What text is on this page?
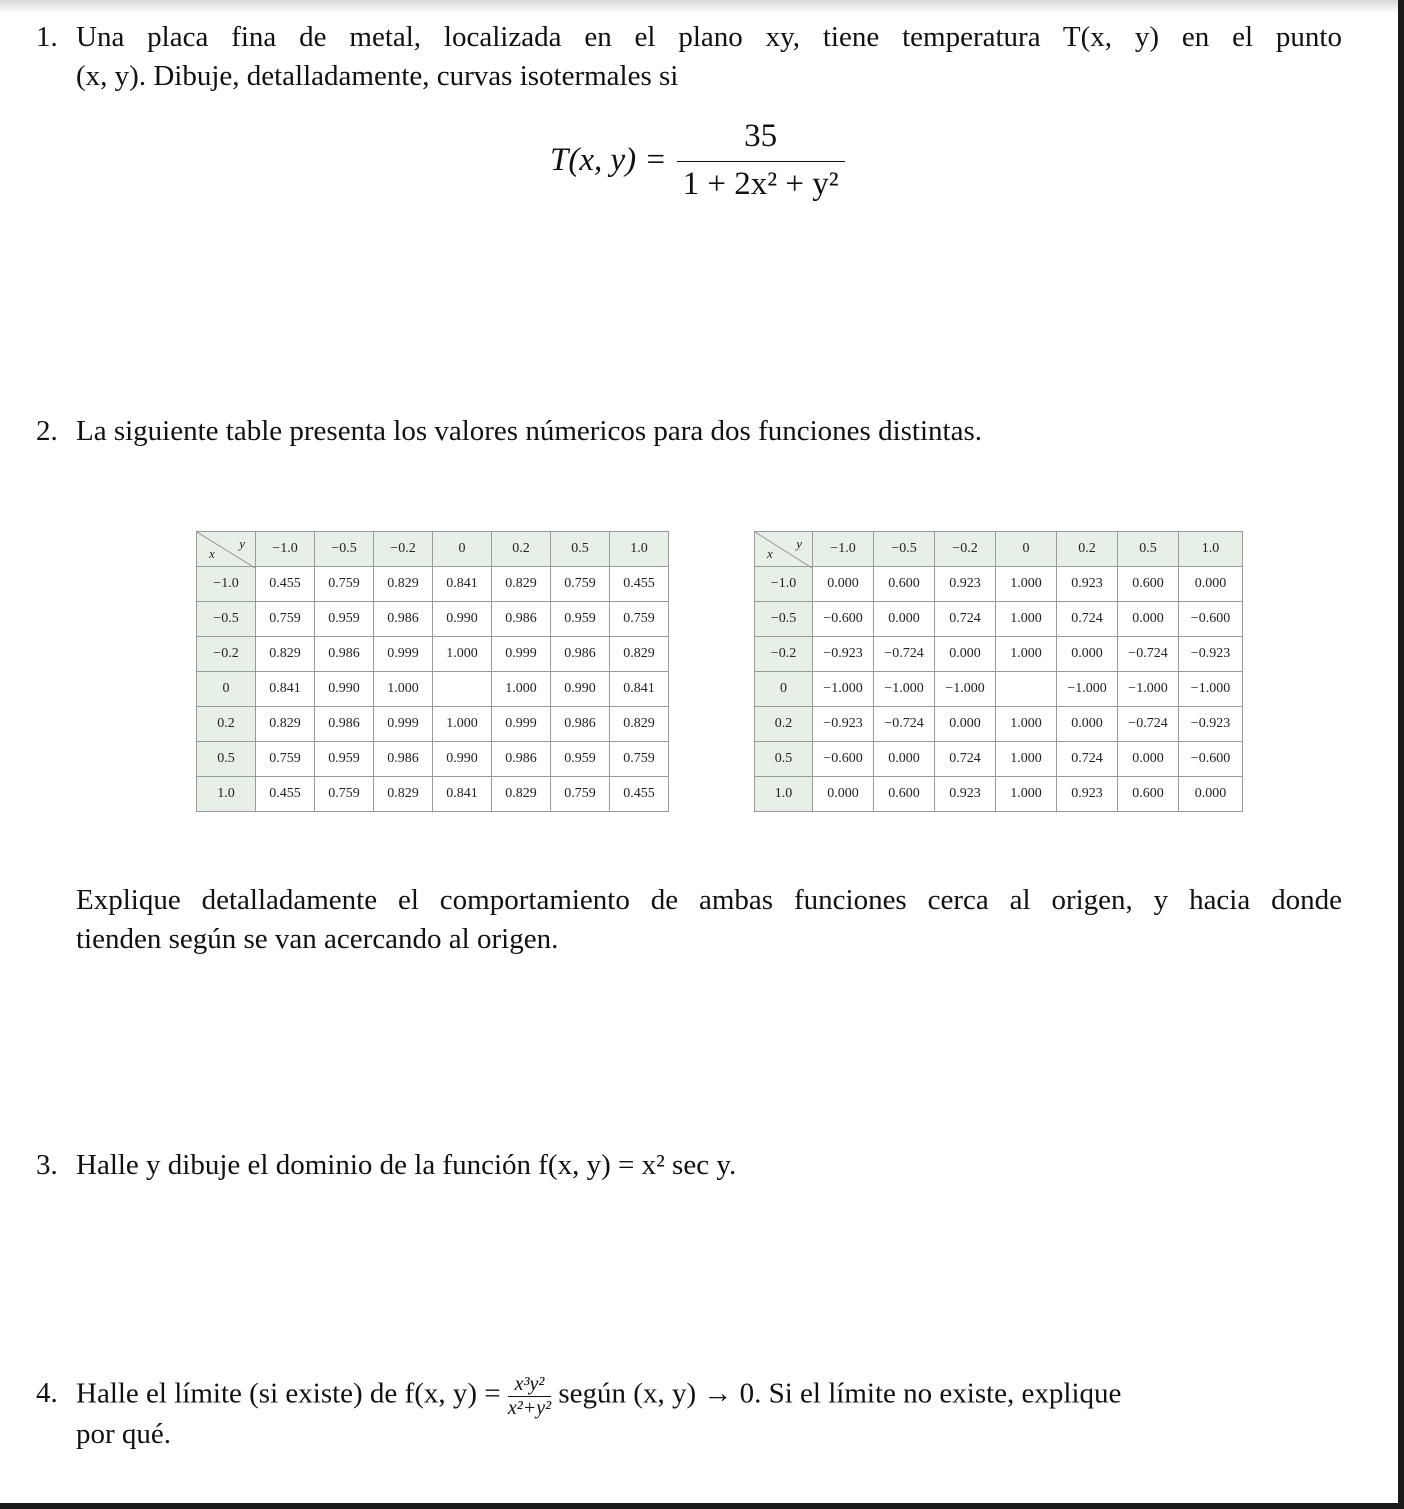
1. Una placa fina de metal, localizada en el plano xy, tiene temperatura T(x, y) en el punto
(x, y). Dibuje, detalladamente, curvas isotermales si
T(x, $y) = \frac{35}{\text{1 + 2x² + y²}}$
2. La siguiente table presenta los valores númericos para dos funciones distintas.
y
x	−1.0	−0.5	−0.2	0	0.2	0.5	1.0
−1.0	0.455	0.759	0.829	0.841	0.829	0.759	0.455
−0.5	0.759	0.959	0.986	0.990	0.986	0.959	0.759
−0.2	0.829	0.986	0.999	1.000	0.999	0.986	0.829
0	0.841	0.990	1.000		1.000	0.990	0.841
0.2	0.829	0.986	0.999	1.000	0.999	0.986	0.829
0.5	0.759	0.959	0.986	0.990	0.986	0.959	0.759
1.0	0.455	0.759	0.829	0.841	0.829	0.759	0.455
y
x	−1.0	−0.5	−0.2	0	0.2	0.5	1.0
−1.0	0.000	0.600	0.923	1.000	0.923	0.600	0.000
−0.5	−0.600	0.000	0.724	1.000	0.724	0.000	−0.600
−0.2	−0.923	−0.724	0.000	1.000	0.000	−0.724	−0.923
0	−1.000	−1.000	−1.000		−1.000	−1.000	−1.000
0.2	−0.923	−0.724	0.000	1.000	0.000	−0.724	−0.923
0.5	−0.600	0.000	0.724	1.000	0.724	0.000	−0.600
1.0	0.000	0.600	0.923	1.000	0.923	0.600	0.000
Explique detalladamente el comportamiento de ambas funciones cerca al origen, y hacia donde
tienden según se van acercando al origen.
3. Halle y dibuje el dominio de la función f(x, y) = x² sec y.
4. Halle el límite (si existe) de f(x, $y) = \frac{\text{x³y²}}{\text{x²+y²}}$ según (x, y) → 0. Si el límite no existe, explique
por qué.
